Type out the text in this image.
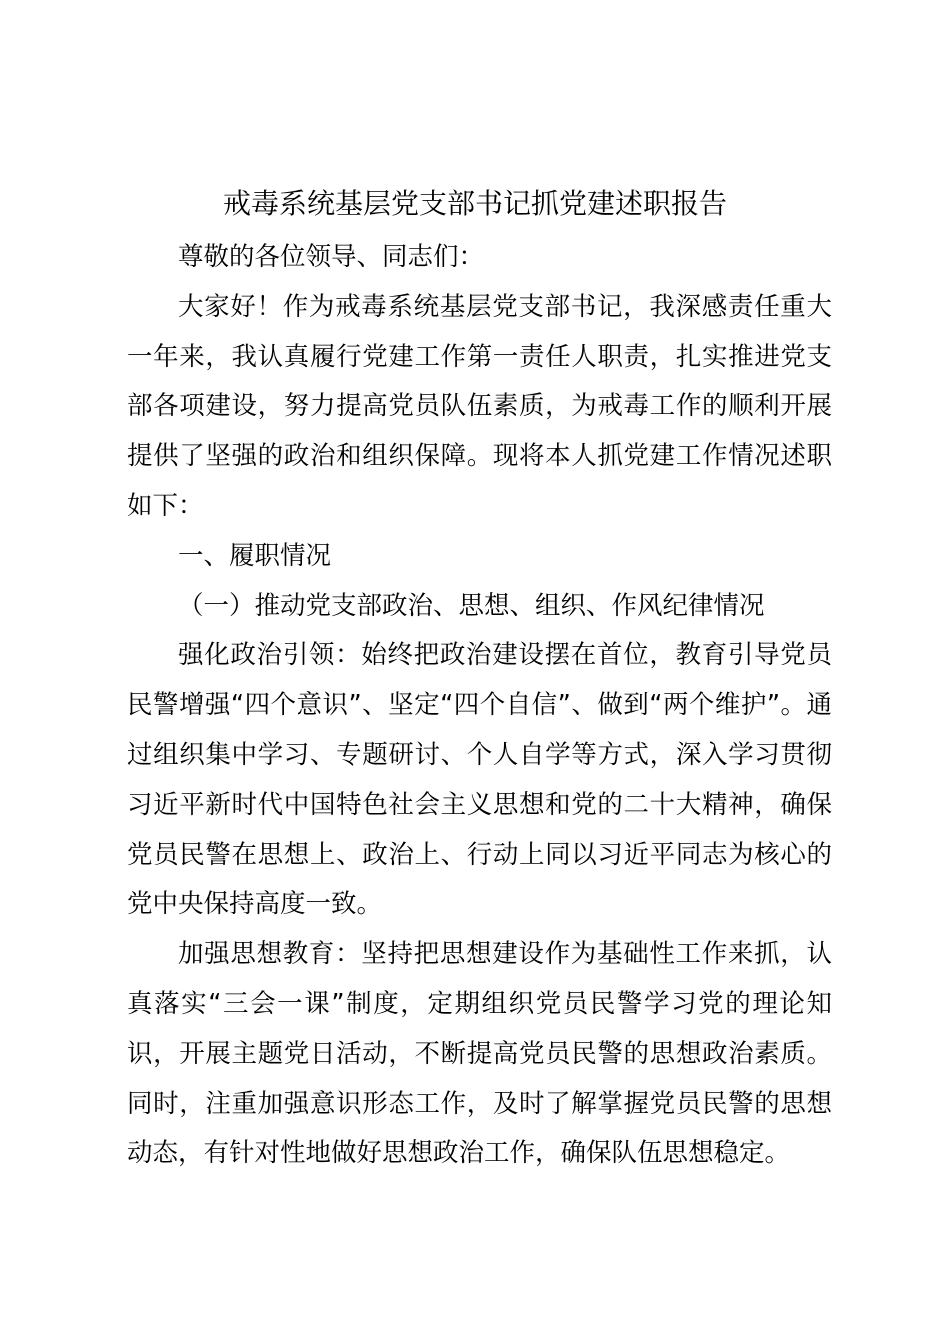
戒毒系统基层党支部书记抓党建述职报告

尊敬的各位领导、同志们：

大家好！作为戒毒系统基层党支部书记，我深感责任重大一年来，我认真履行党建工作第一责任人职责，扎实推进党支部各项建设，努力提高党员队伍素质，为戒毒工作的顺利开展提供了坚强的政治和组织保障。现将本人抓党建工作情况述职如下：

一、履职情况

（一）推动党支部政治、思想、组织、作风纪律情况

强化政治引领：始终把政治建设摆在首位，教育引导党员民警增强“四个意识”、坚定“四个自信”、做到“两个维护”。通过组织集中学习、专题研讨、个人自学等方式，深入学习贯彻习近平新时代中国特色社会主义思想和党的二十大精神，确保党员民警在思想上、政治上、行动上同以习近平同志为核心的党中央保持高度一致。

加强思想教育：坚持把思想建设作为基础性工作来抓，认真落实“三会一课”制度，定期组织党员民警学习党的理论知识，开展主题党日活动，不断提高党员民警的思想政治素质。同时，注重加强意识形态工作，及时了解掌握党员民警的思想动态，有针对性地做好思想政治工作，确保队伍思想稳定。
